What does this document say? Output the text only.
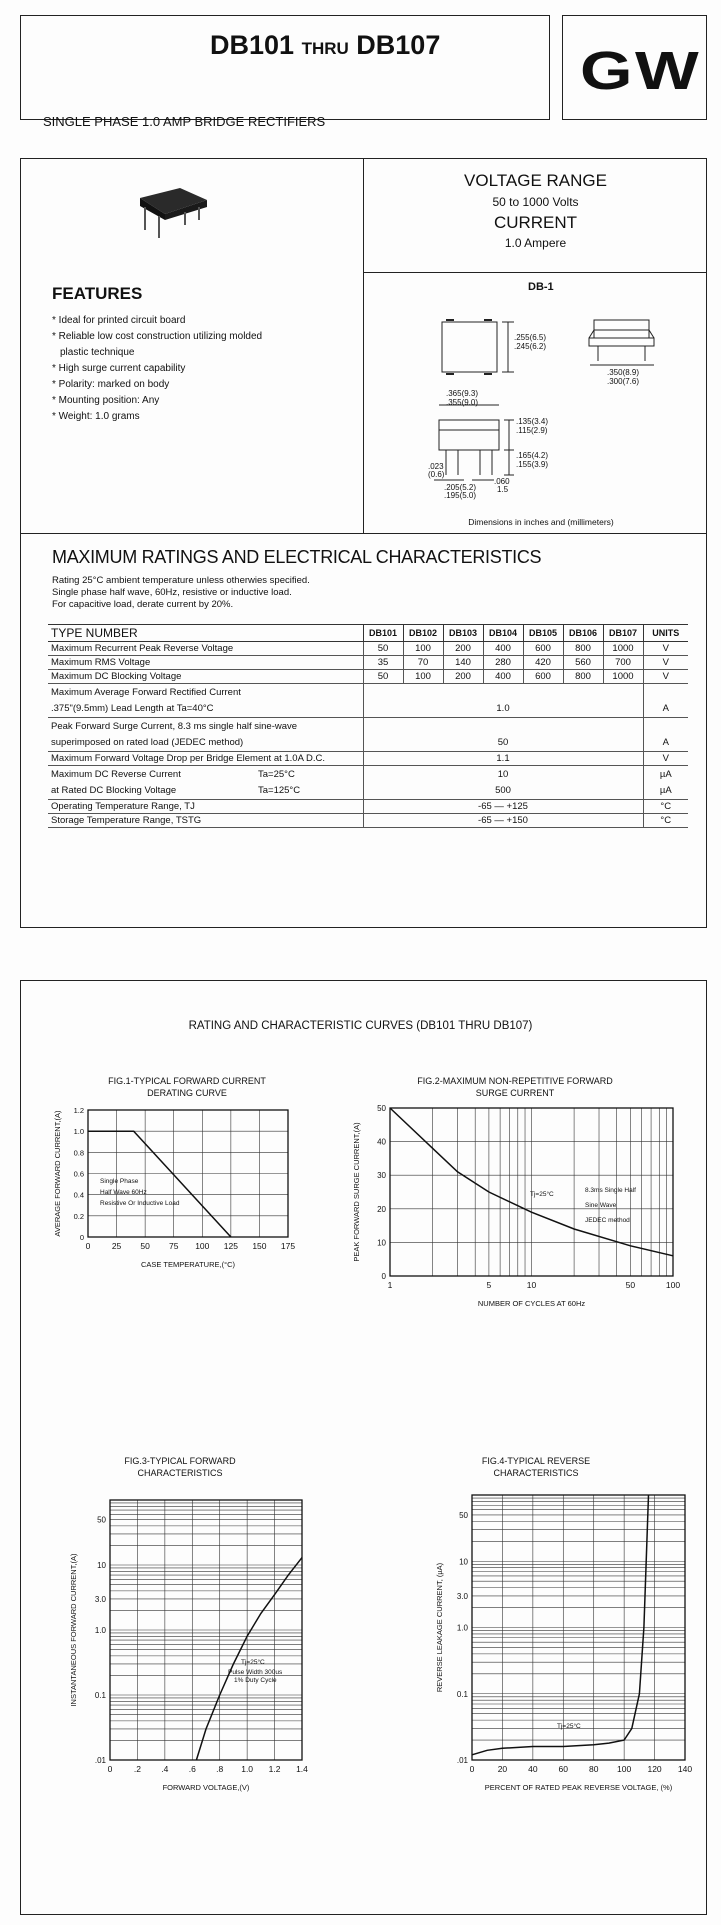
DB101 THRU DB107
SINGLE PHASE 1.0 AMP BRIDGE RECTIFIERS
GW
FEATURES
* Ideal for printed circuit board
* Reliable low cost construction utilizing molded
plastic technique
* High surge current capability
* Polarity: marked on body
* Mounting position: Any
* Weight: 1.0 grams
VOLTAGE RANGE
50 to 1000 Volts
CURRENT
1.0 Ampere
DB-1
.255(6.5)
.245(6.2)
.350(8.9)
.300(7.6)
.365(9.3)
.355(9.0)
.135(3.4)
.115(2.9)
.165(4.2)
.155(3.9)
.023
(0.6)
.205(5.2)
.195(5.0)
.060
1.5
Dimensions in inches and (millimeters)
MAXIMUM RATINGS AND ELECTRICAL CHARACTERISTICS
Rating 25°C ambient temperature unless otherwies specified.
Single phase half wave, 60Hz, resistive or inductive load.
For capacitive load, derate current by 20%.
TYPE NUMBER	DB101	DB102	DB103	DB104	DB105	DB106	DB107	UNITS
Maximum Recurrent Peak Reverse Voltage	50	100	200	400	600	800	1000	V
Maximum RMS Voltage	35	70	140	280	420	560	700	V
Maximum DC Blocking Voltage	50	100	200	400	600	800	1000	V
Maximum Average Forward Rectified Current								
.375"(9.5mm) Lead Length at Ta=40°C	1.0							A
Peak Forward Surge Current, 8.3 ms single half sine-wave								
superimposed on rated load (JEDEC method)	50							A
Maximum Forward Voltage Drop per Bridge Element at 1.0A D.C.	1.1							V
Maximum DC Reverse Current Ta=25°C	10							µA
at Rated DC Blocking Voltage Ta=125°C	500							µA
Operating Temperature Range, TJ	-65 — +125							°C
Storage Temperature Range, TSTG	-65 — +150							°C
RATING AND CHARACTERISTIC CURVES (DB101 THRU DB107)
FIG.1-TYPICAL FORWARD CURRENT
DERATING CURVE
0	25 50 75 100 125 150 175
0
0.2
0.4
0.6
0.8
1.0
1.2
CASE TEMPERATURE,(°C)
AVERAGE FORWARD CURRENT,(A)	Single Phase
Half Wave 60Hz
Resistive Or Inductive Load
FIG.2-MAXIMUM NON-REPETITIVE FORWARD
SURGE CURRENT
1	5	10	50	100
0
10
20
30
40
50
NUMBER OF CYCLES AT 60Hz
PEAK FORWARD SURGE CURRENT,(A)	Tj=25°C
8.3ms Single Half
Sine Wave
JEDEC method
FIG.3-TYPICAL FORWARD
CHARACTERISTICS
0	.2 .4 .6 .8 1.0 1.2 1.4
.01
0.1
1.0
3.0
10
50
FORWARD VOLTAGE,(V)
INSTANTANEOUS FORWARD CURRENT,(A)	Tj=25°C
Pulse Width 300us
1% Duty Cycle
FIG.4-TYPICAL REVERSE
CHARACTERISTICS
0	20 40 60 80 100 120 140
.01
0.1
1.0
3.0
10
50
PERCENT OF RATED PEAK REVERSE VOLTAGE, (%)
REVERSE LEAKAGE CURRENT, (µA)
Tj=25°C
